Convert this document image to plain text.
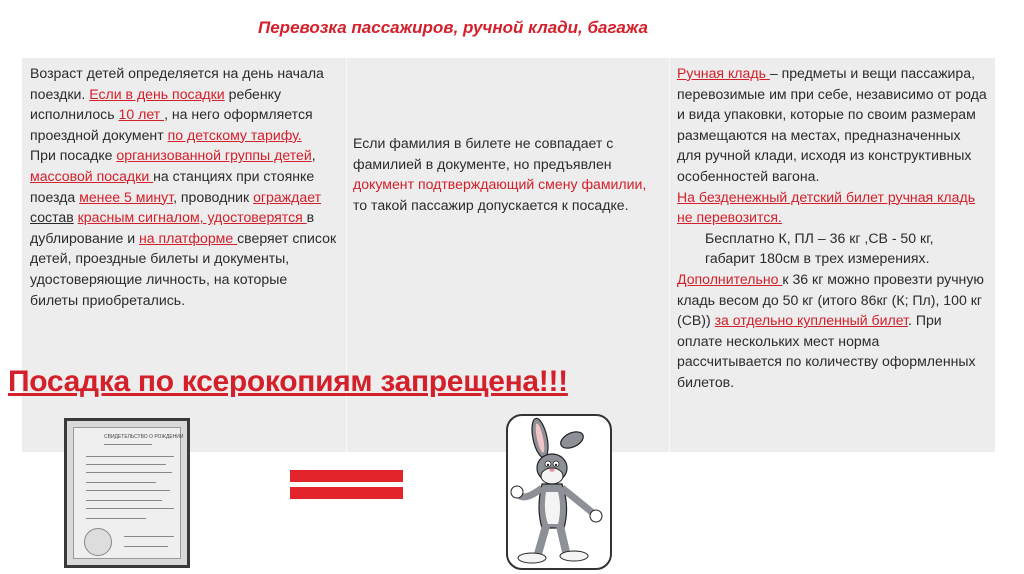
Перевозка пассажиров, ручной клади, багажа
Возраст детей определяется на день начала поездки. Если в день посадки ребенку исполнилось 10 лет , на него оформляется проездной документ по детскому тарифу.
При посадке организованной группы детей, массовой посадки на станциях при стоянке поезда менее 5 минут, проводник ограждает состав красным сигналом, удостоверятся в дублирование и на платформе сверяет список детей, проездные билеты и документы, удостоверяющие личность, на которые билеты приобретались.
Если фамилия в билете не совпадает с фамилией в документе, но предъявлен документ подтверждающий смену фамилии, то такой пассажир допускается к посадке.
Ручная кладь – предметы и вещи пассажира, перевозимые им при себе, независимо от рода и вида упаковки, которые по своим размерам размещаются на местах, предназначенных для ручной клади, исходя из конструктивных особенностей вагона.
На безденежный детский билет ручная кладь не перевозится.
Бесплатно К, ПЛ – 36 кг ,СВ - 50 кг, габарит 180см в трех измерениях.
Дополнительно к 36 кг можно провезти ручную кладь весом до 50 кг (итого 86кг (К; Пл), 100 кг (СВ)) за отдельно купленный билет. При оплате нескольких мест норма рассчитывается по количеству оформленных билетов.
Посадка по ксерокопиям запрещена!!!
СВИДЕТЕЛЬСТВО О РОЖДЕНИИ
